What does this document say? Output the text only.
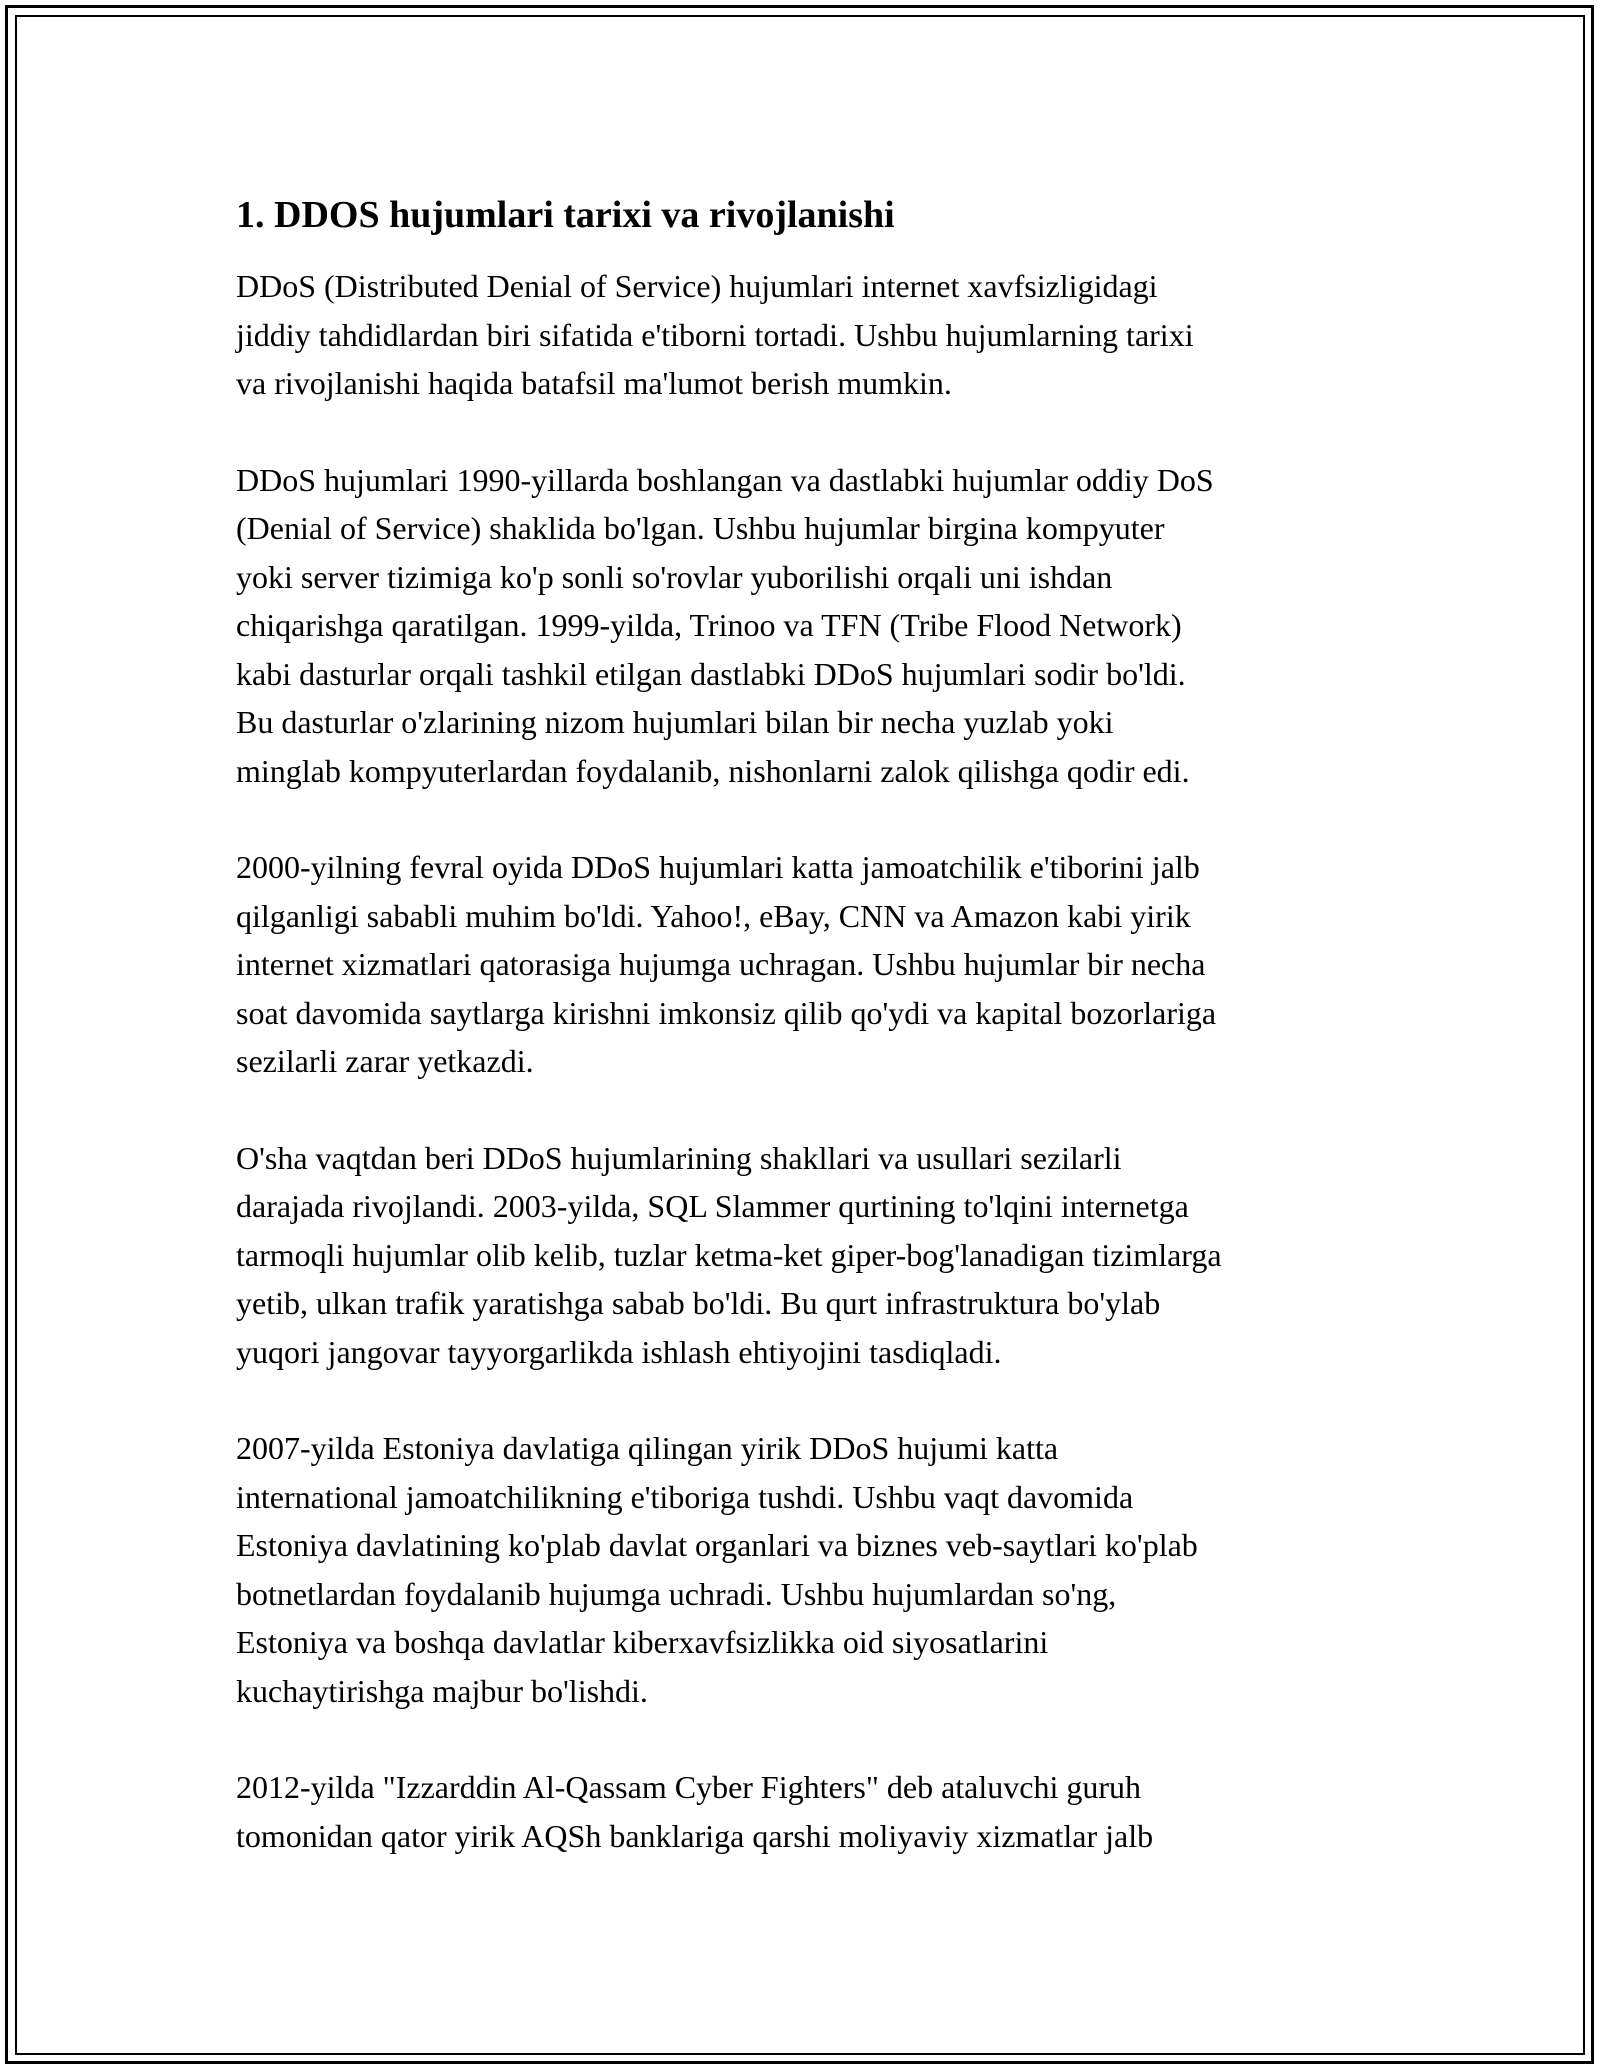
1. DDOS hujumlari tarixi va rivojlanishi

DDoS (Distributed Denial of Service) hujumlari internet xavfsizligidagi
jiddiy tahdidlardan biri sifatida e'tiborni tortadi. Ushbu hujumlarning tarixi
va rivojlanishi haqida batafsil ma'lumot berish mumkin.

DDoS hujumlari 1990-yillarda boshlangan va dastlabki hujumlar oddiy DoS
(Denial of Service) shaklida bo'lgan. Ushbu hujumlar birgina kompyuter
yoki server tizimiga ko'p sonli so'rovlar yuborilishi orqali uni ishdan
chiqarishga qaratilgan. 1999-yilda, Trinoo va TFN (Tribe Flood Network)
kabi dasturlar orqali tashkil etilgan dastlabki DDoS hujumlari sodir bo'ldi.
Bu dasturlar o'zlarining nizom hujumlari bilan bir necha yuzlab yoki
minglab kompyuterlardan foydalanib, nishonlarni zalok qilishga qodir edi.

2000-yilning fevral oyida DDoS hujumlari katta jamoatchilik e'tiborini jalb
qilganligi sababli muhim bo'ldi. Yahoo!, eBay, CNN va Amazon kabi yirik
internet xizmatlari qatorasiga hujumga uchragan. Ushbu hujumlar bir necha
soat davomida saytlarga kirishni imkonsiz qilib qo'ydi va kapital bozorlariga
sezilarli zarar yetkazdi.

O'sha vaqtdan beri DDoS hujumlarining shakllari va usullari sezilarli
darajada rivojlandi. 2003-yilda, SQL Slammer qurtining to'lqini internetga
tarmoqli hujumlar olib kelib, tuzlar ketma-ket giper-bog'lanadigan tizimlarga
yetib, ulkan trafik yaratishga sabab bo'ldi. Bu qurt infrastruktura bo'ylab
yuqori jangovar tayyorgarlikda ishlash ehtiyojini tasdiqladi.

2007-yilda Estoniya davlatiga qilingan yirik DDoS hujumi katta
international jamoatchilikning e'tiboriga tushdi. Ushbu vaqt davomida
Estoniya davlatining ko'plab davlat organlari va biznes veb-saytlari ko'plab
botnetlardan foydalanib hujumga uchradi. Ushbu hujumlardan so'ng,
Estoniya va boshqa davlatlar kiberxavfsizlikka oid siyosatlarini
kuchaytirishga majbur bo'lishdi.

2012-yilda "Izzarddin Al-Qassam Cyber Fighters" deb ataluvchi guruh
tomonidan qator yirik AQSh banklariga qarshi moliyaviy xizmatlar jalb
